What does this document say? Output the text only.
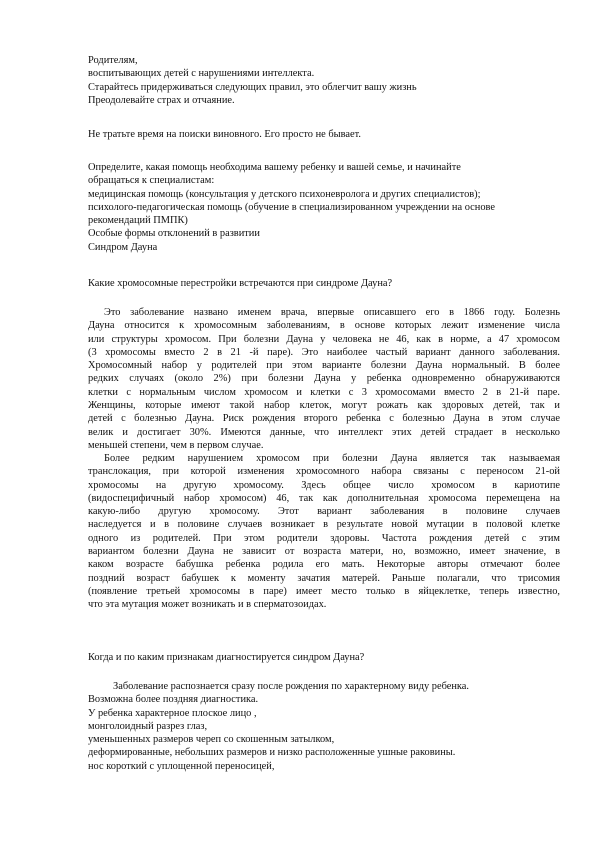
Родителям,
воспитывающих детей с нарушениями интеллекта.
Старайтесь придерживаться следующих правил, это облегчит вашу жизнь
Преодолевайте страх и отчаяние.
Не тратьте время на поиски виновного. Его просто не бывает.
Определите, какая помощь необходима вашему ребенку и вашей семье, и начинайте
обращаться к специалистам:
медицинская помощь (консультация у детского психоневролога и других специалистов);
психолого-педагогическая помощь (обучение в специализированном учреждении на основе
рекомендаций ПМПК)
Особые формы отклонений в развитии
Синдром Дауна
Какие хромосомные перестройки встречаются при синдроме Дауна?
Это заболевание названо именем врача, впервые описавшего его в 1866 году. Болезнь
Дауна относится к хромосомным заболеваниям, в основе которых лежит изменение числа
или структуры хромосом. При болезни Дауна у человека не 46, как в норме, а 47 хромосом
(3 хромосомы вместо 2 в 21 -й паре). Это наиболее частый вариант данного заболевания.
Хромосомный набор у родителей при этом варианте болезни Дауна нормальный. В более
редких случаях (около 2%) при болезни Дауна у ребенка одновременно обнаруживаются
клетки с нормальным числом хромосом и клетки с 3 хромосомами вместо 2 в 21-й паре.
Женщины, которые имеют такой набор клеток, могут рожать как здоровых детей, так и
детей с болезнью Дауна. Риск рождения второго ребенка с болезнью Дауна в этом случае
велик и достигает 30%. Имеются данные, что интеллект этих детей страдает в несколько
меньшей степени, чем в первом случае.
Более редким нарушением хромосом при болезни Дауна является так называемая
транслокация, при которой изменения хромосомного набора связаны с переносом 21-ой
хромосомы на другую хромосому. Здесь общее число хромосом в кариотипе
(видоспецифичный набор хромосом) 46, так как дополнительная хромосома перемещена на
какую-либо другую хромосому. Этот вариант заболевания в половине случаев
наследуется и в половине случаев возникает в результате новой мутации в половой клетке
одного из родителей. При этом родители здоровы. Частота рождения детей с этим
вариантом болезни Дауна не зависит от возраста матери, но, возможно, имеет значение, в
каком возрасте бабушка ребенка родила его мать. Некоторые авторы отмечают более
поздний возраст бабушек к моменту зачатия матерей. Раньше полагали, что трисомия
(появление третьей хромосомы в паре) имеет место только в яйцеклетке, теперь известно,
что эта мутация может возникать и в сперматозоидах.
Когда и по каким признакам диагностируется синдром Дауна?
Заболевание распознается сразу после рождения по характерному виду ребенка.
Возможна более поздняя диагностика.
У ребенка характерное плоское лицо ,
монголоидный разрез глаз,
уменьшенных размеров череп со скошенным затылком,
деформированные, небольших размеров и низко расположенные ушные раковины.
нос короткий с уплощенной переносицей,
